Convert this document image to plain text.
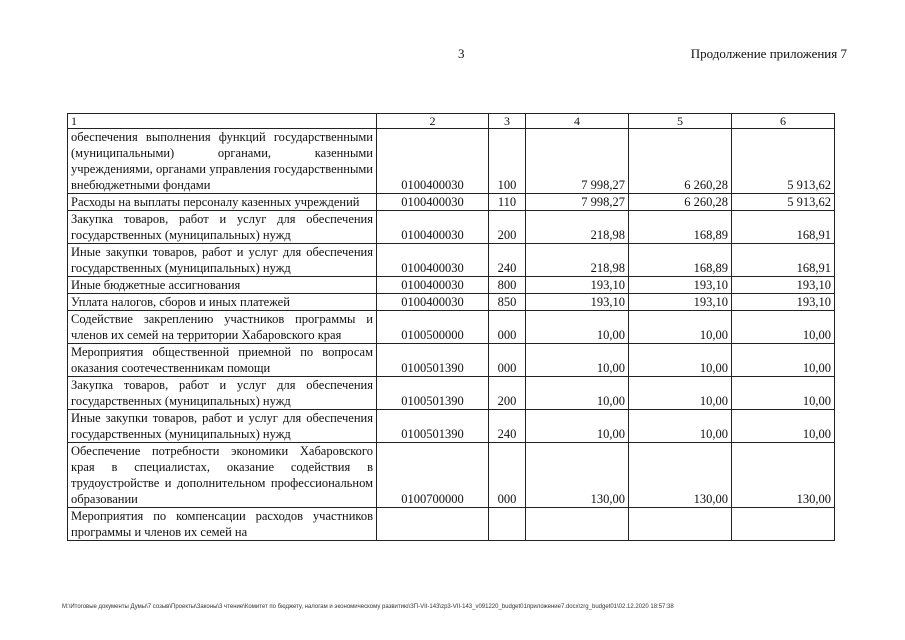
3	Продолжение приложения 7
1	2	3	4	5	6
обеспечения выполнения функций государственными (муниципальными) органами, казенными учреждениями, органами управления государственными внебюджетными фондами	0100400030	100	7 998,27	6 260,28	5 913,62
Расходы на выплаты персоналу казенных учреждений	0100400030	110	7 998,27	6 260,28	5 913,62
Закупка товаров, работ и услуг для обеспечения государственных (муниципальных) нужд	0100400030	200	218,98	168,89	168,91
Иные закупки товаров, работ и услуг для обеспечения государственных (муниципальных) нужд	0100400030	240	218,98	168,89	168,91
Иные бюджетные ассигнования	0100400030	800	193,10	193,10	193,10
Уплата налогов, сборов и иных платежей	0100400030	850	193,10	193,10	193,10
Содействие закреплению участников программы и членов их семей на территории Хабаровского края	0100500000	000	10,00	10,00	10,00
Мероприятия общественной приемной по вопросам оказания соотечественникам помощи	0100501390	000	10,00	10,00	10,00
Закупка товаров, работ и услуг для обеспечения государственных (муниципальных) нужд	0100501390	200	10,00	10,00	10,00
Иные закупки товаров, работ и услуг для обеспечения государственных (муниципальных) нужд	0100501390	240	10,00	10,00	10,00
Обеспечение потребности экономики Хабаровского края в специалистах, оказание содействия в трудоустройстве и дополнительном профессиональном образовании	0100700000	000	130,00	130,00	130,00
Мероприятия по компенсации расходов участников программы и членов их семей на					
M:\Итоговые документы Думы\7 созыв\Проекты\Законы\3 чтение\Комитет по бюджету, налогам и экономическому развитию\ЗП-VII-143\zp3-VII-143_v091220_budget01приложение7.docx\zrg_budget01\02.12.2020 18:57:38
